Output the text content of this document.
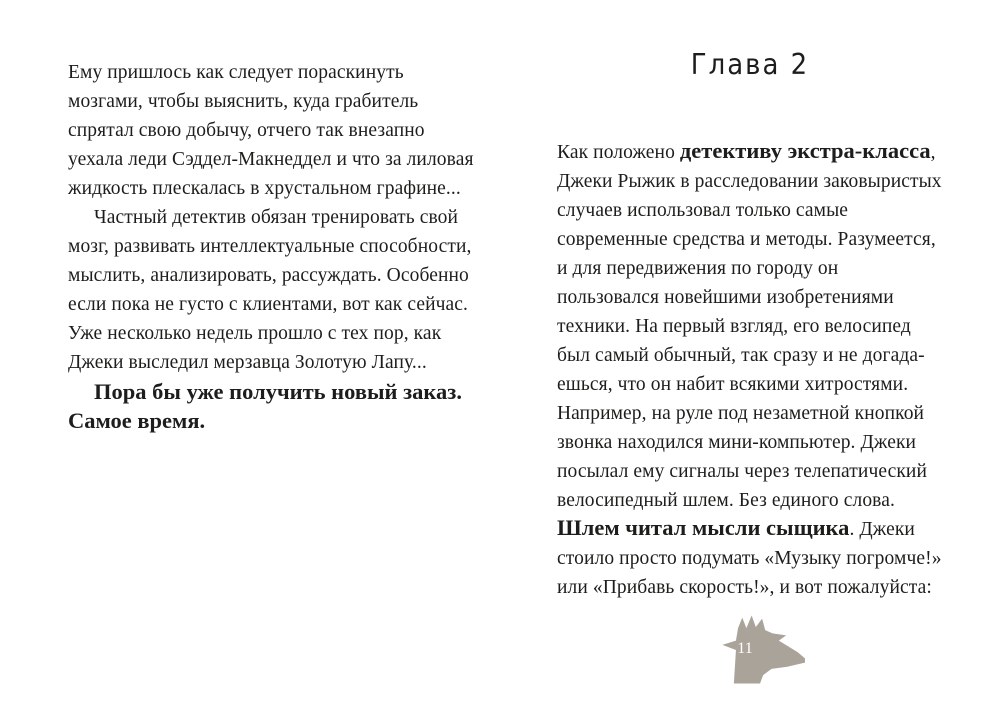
Ему пришлось как следует пораскинуть мозгами, чтобы выяснить, куда грабитель спрятал свою добычу, отчего так внезапно уехала леди Сэддел-Макнеддел и что за лиловая жидкость плескалась в хрустальном графине...

Частный детектив обязан тренировать свой мозг, развивать интеллектуальные способности, мыслить, анализировать, рассуждать. Особенно если пока не густо с клиентами, вот как сейчас. Уже несколько недель прошло с тех пор, как Джеки выследил мерзавца Золотую Лапу...

Пора бы уже получить новый заказ. Самое время.

Глава 2

Как положено детективу экстра-класса, Джеки Рыжик в расследовании заковыристых случаев использовал только самые современные средства и методы. Разумеется, и для передвижения по городу он пользовался новейшими изобретениями техники. На первый взгляд, его велосипед был самый обычный, так сразу и не догадаешься, что он набит всякими хитростями. Например, на руле под незаметной кнопкой звонка находился мини-компьютер. Джеки посылал ему сигналы через телепатический велосипедный шлем. Без единого слова. Шлем читал мысли сыщика. Джеки стоило просто подумать «Музыку погромче!» или «Прибавь скорость!», и вот пожалуйста:

11
